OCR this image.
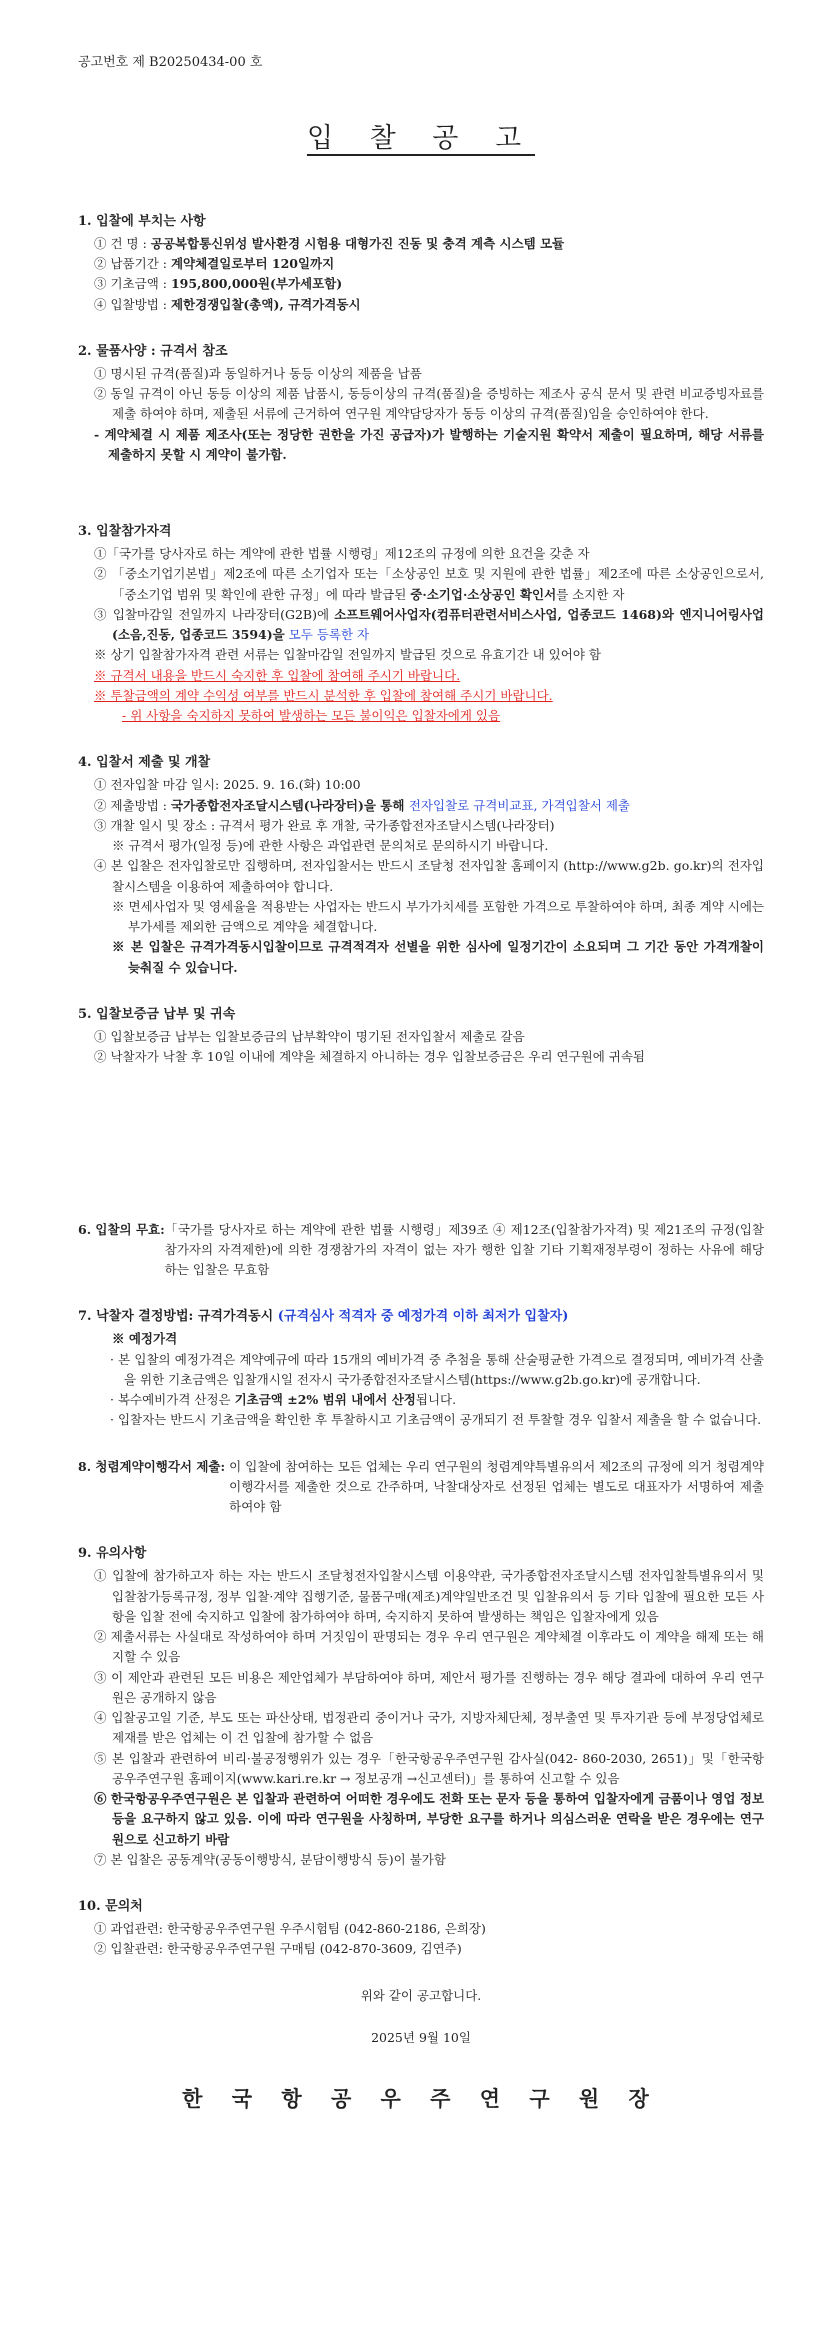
공고번호 제 B20250434-00 호
입 찰 공 고
1. 입찰에 부치는 사항
① 건 명 : 공공복합통신위성 발사환경 시험용 대형가진 진동 및 충격 계측 시스템 모듈
② 납품기간 : 계약체결일로부터 120일까지
③ 기초금액 : 195,800,000원(부가세포함)
④ 입찰방법 : 제한경쟁입찰(총액), 규격가격동시
2. 물품사양 : 규격서 참조
① 명시된 규격(품질)과 동일하거나 동등 이상의 제품을 납품
② 동일 규격이 아닌 동등 이상의 제품 납품시, 동등이상의 규격(품질)을 증빙하는 제조사 공식 문서 및 관련 비교증빙자료를 제출 하여야 하며, 제출된 서류에 근거하여 연구원 계약담당자가 동등 이상의 규격(품질)임을 승인하여야 한다.
- 계약체결 시 제품 제조사(또는 정당한 권한을 가진 공급자)가 발행하는 기술지원 확약서 제출이 필요하며, 해당 서류를 제출하지 못할 시 계약이 불가함.
3. 입찰참가자격
①「국가를 당사자로 하는 계약에 관한 법률 시행령」제12조의 규정에 의한 요건을 갖춘 자
② 「중소기업기본법」제2조에 따른 소기업자 또는「소상공인 보호 및 지원에 관한 법률」제2조에 따른 소상공인으로서,「중소기업 범위 및 확인에 관한 규정」에 따라 발급된 중·소기업·소상공인 확인서를 소지한 자
③ 입찰마감일 전일까지 나라장터(G2B)에 소프트웨어사업자(컴퓨터관련서비스사업, 업종코드 1468)와 엔지니어링사업(소음,진동, 업종코드 3594)을 모두 등록한 자
※ 상기 입찰참가자격 관련 서류는 입찰마감일 전일까지 발급된 것으로 유효기간 내 있어야 함
※ 규격서 내용을 반드시 숙지한 후 입찰에 참여해 주시기 바랍니다.
※ 투찰금액의 계약 수익성 여부를 반드시 분석한 후 입찰에 참여해 주시기 바랍니다.
- 위 사항을 숙지하지 못하여 발생하는 모든 불이익은 입찰자에게 있음
4. 입찰서 제출 및 개찰
① 전자입찰 마감 일시: 2025. 9. 16.(화) 10:00
② 제출방법 : 국가종합전자조달시스템(나라장터)을 통해 전자입찰로 규격비교표, 가격입찰서 제출
③ 개찰 일시 및 장소 : 규격서 평가 완료 후 개찰, 국가종합전자조달시스템(나라장터)
※ 규격서 평가(일정 등)에 관한 사항은 과업관련 문의처로 문의하시기 바랍니다.
④ 본 입찰은 전자입찰로만 집행하며, 전자입찰서는 반드시 조달청 전자입찰 홈페이지 (http://www.g2b. go.kr)의 전자입찰시스템을 이용하여 제출하여야 합니다.
※ 면세사업자 및 영세율을 적용받는 사업자는 반드시 부가가치세를 포함한 가격으로 투찰하여야 하며, 최종 계약 시에는 부가세를 제외한 금액으로 계약을 체결합니다.
※ 본 입찰은 규격가격동시입찰이므로 규격적격자 선별을 위한 심사에 일정기간이 소요되며 그 기간 동안 가격개찰이 늦춰질 수 있습니다.
5. 입찰보증금 납부 및 귀속
① 입찰보증금 납부는 입찰보증금의 납부확약이 명기된 전자입찰서 제출로 갈음
② 낙찰자가 낙찰 후 10일 이내에 계약을 체결하지 아니하는 경우 입찰보증금은 우리 연구원에 귀속됨
6. 입찰의 무효: 「국가를 당사자로 하는 계약에 관한 법률 시행령」제39조 ④ 제12조(입찰참가자격) 및 제21조의 규정(입찰참가자의 자격제한)에 의한 경쟁참가의 자격이 없는 자가 행한 입찰 기타 기획재정부령이 정하는 사유에 해당하는 입찰은 무효함
7. 낙찰자 결정방법: 규격가격동시 (규격심사 적격자 중 예정가격 이하 최저가 입찰자)
※ 예정가격
· 본 입찰의 예정가격은 계약예규에 따라 15개의 예비가격 중 추첨을 통해 산술평균한 가격으로 결정되며, 예비가격 산출을 위한 기초금액은 입찰개시일 전자시 국가종합전자조달시스템(https://www.g2b.go.kr)에 공개합니다.
· 복수예비가격 산정은 기초금액 ±2% 범위 내에서 산정됩니다.
· 입찰자는 반드시 기초금액을 확인한 후 투찰하시고 기초금액이 공개되기 전 투찰할 경우 입찰서 제출을 할 수 없습니다.
8. 청렴계약이행각서 제출: 이 입찰에 참여하는 모든 업체는 우리 연구원의 청렴계약특별유의서 제2조의 규정에 의거 청렴계약이행각서를 제출한 것으로 간주하며, 낙찰대상자로 선정된 업체는 별도로 대표자가 서명하여 제출하여야 함
9. 유의사항
① 입찰에 참가하고자 하는 자는 반드시 조달청전자입찰시스템 이용약관, 국가종합전자조달시스템 전자입찰특별유의서 및 입찰참가등록규정, 정부 입찰·계약 집행기준, 물품구매(제조)계약일반조건 및 입찰유의서 등 기타 입찰에 필요한 모든 사항을 입찰 전에 숙지하고 입찰에 참가하여야 하며, 숙지하지 못하여 발생하는 책임은 입찰자에게 있음
② 제출서류는 사실대로 작성하여야 하며 거짓임이 판명되는 경우 우리 연구원은 계약체결 이후라도 이 계약을 해제 또는 해지할 수 있음
③ 이 제안과 관련된 모든 비용은 제안업체가 부담하여야 하며, 제안서 평가를 진행하는 경우 해당 결과에 대하여 우리 연구원은 공개하지 않음
④ 입찰공고일 기준, 부도 또는 파산상태, 법정관리 중이거나 국가, 지방자체단체, 정부출연 및 투자기관 등에 부정당업체로 제재를 받은 업체는 이 건 입찰에 참가할 수 없음
⑤ 본 입찰과 관련하여 비리·불공정행위가 있는 경우「한국항공우주연구원 감사실(042- 860-2030, 2651)」및「한국항공우주연구원 홈페이지(www.kari.re.kr → 정보공개 →신고센터)」를 통하여 신고할 수 있음
⑥ 한국항공우주연구원은 본 입찰과 관련하여 어떠한 경우에도 전화 또는 문자 등을 통하여 입찰자에게 금품이나 영업 정보 등을 요구하지 않고 있음. 이에 따라 연구원을 사칭하며, 부당한 요구를 하거나 의심스러운 연락을 받은 경우에는 연구원으로 신고하기 바람
⑦ 본 입찰은 공동계약(공동이행방식, 분담이행방식 등)이 불가함
10. 문의처
① 과업관련: 한국항공우주연구원 우주시험팀 (042-860-2186, 은희장)
② 입찰관련: 한국항공우주연구원 구매팀 (042-870-3609, 김연주)
위와 같이 공고합니다.
2025년 9월 10일
한 국 항 공 우 주 연 구 원 장
